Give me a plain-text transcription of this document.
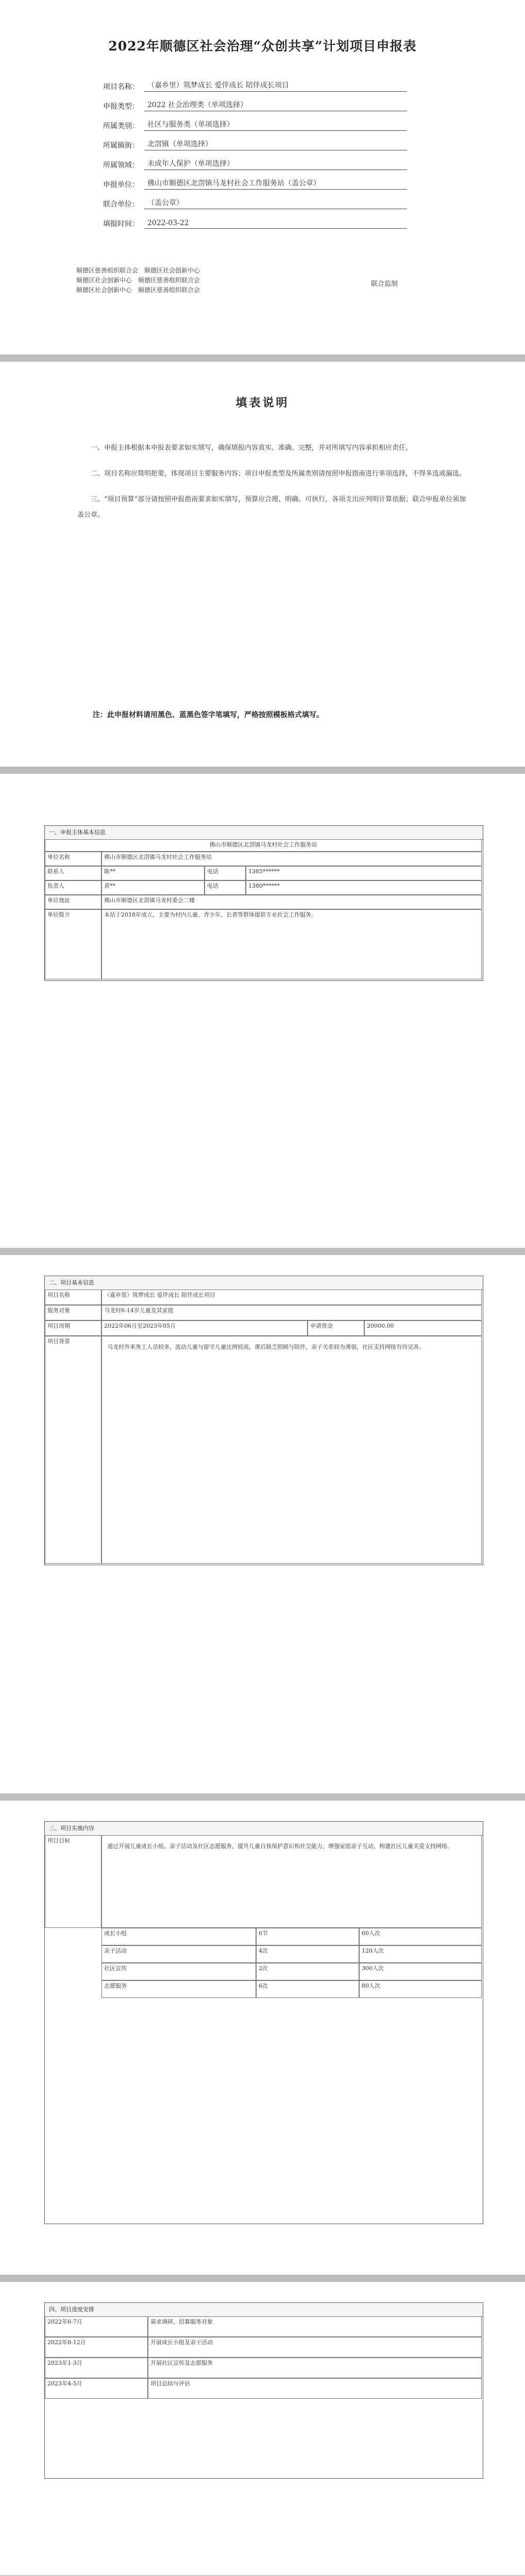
2022年顺德区社会治理“众创共享”计划项目申报表
项目名称：	（嘉乡里）筑梦成长 爱伴成长 陪伴成长项目
申报类型：	2022 社会治理类（单项选择）
所属类别：	社区与服务类（单项选择）
所属镇街：	北滘镇（单项选择）
所属领域：	未成年人保护（单项选择）
申报单位：	佛山市顺德区北滘镇马龙村社会工作服务站（盖公章）
联合单位：	（盖公章）
填报时间：	2022-03-22
顺德区慈善组织联合会　顺德区社会创新中心
顺德区社会创新中心　顺德区慈善组织联合会
顺德区社会创新中心　顺德区慈善组织联合会
联合监制
填表说明

一、申报主体根据本申报表要求如实填写，确保填报内容真实、准确、完整，并对所填写内容承担相应责任。

二、项目名称应简明扼要，体现项目主要服务内容；项目申报类型及所属类别请按照申报指南进行单项选择，不得多选或漏选。

三、“项目预算”部分请按照申报指南要求如实填写，预算应合理、明确、可执行，各项支出应列明计算依据；联合申报单位须加盖公章。

注：此申报材料请用黑色、蓝黑色签字笔填写，严格按照模板格式填写。
一、申报主体基本信息
佛山市顺德区北滘镇马龙村社会工作服务站
单位名称	佛山市顺德区北滘镇马龙村社会工作服务站
联系人	陈**	电话	1385******
负责人	黄**	电话	1380******
单位地址	佛山市顺德区北滘镇马龙村委会二楼
单位简介	本站于2018年成立，主要为村内儿童、青少年、长者等群体提供专业社会工作服务。
二、项目基本信息
项目名称	（嘉乡里）筑梦成长 爱伴成长 陪伴成长项目
服务对象	马龙村6-14岁儿童及其家庭
项目周期	2022年06月至2023年05月	申请资金	20000.00
项目背景
马龙村外来务工人员较多，流动儿童与留守儿童比例较高，课后缺乏照顾与陪伴，亲子关系较为薄弱，社区支持网络有待完善。
三、项目实施内容
项目目标
通过开展儿童成长小组、亲子活动及社区志愿服务，提升儿童自我保护意识和社交能力，增强家庭亲子互动，构建社区儿童关爱支持网络。
成长小组	6节	60人次
亲子活动	4次	120人次
社区宣传	2次	300人次
志愿服务	6次	80人次
四、项目进度安排
2022年6-7月	需求调研、招募服务对象
2022年8-12月	开展成长小组及亲子活动
2023年1-3月	开展社区宣传及志愿服务
2023年4-5月	项目总结与评估
